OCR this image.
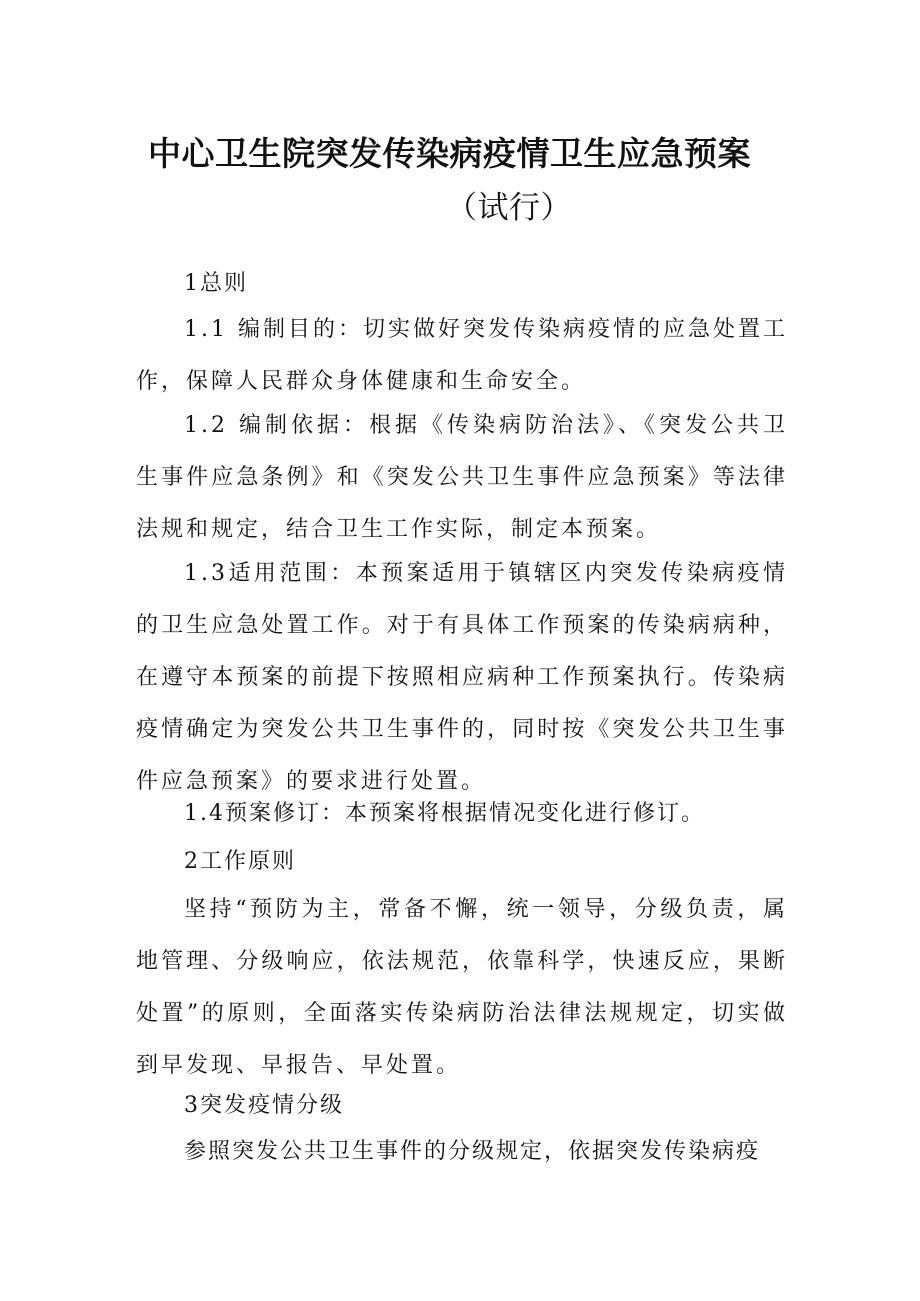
中心卫生院突发传染病疫情卫生应急预案
（试行）

1总则

1.1 编制目的：切实做好突发传染病疫情的应急处置工作，保障人民群众身体健康和生命安全。

1.2 编制依据：根据《传染病防治法》、《突发公共卫生事件应急条例》和《突发公共卫生事件应急预案》等法律法规和规定，结合卫生工作实际，制定本预案。

1.3适用范围：本预案适用于镇辖区内突发传染病疫情的卫生应急处置工作。对于有具体工作预案的传染病病种，在遵守本预案的前提下按照相应病种工作预案执行。传染病疫情确定为突发公共卫生事件的，同时按《突发公共卫生事件应急预案》的要求进行处置。

1.4预案修订：本预案将根据情况变化进行修订。

2工作原则

坚持“预防为主，常备不懈，统一领导，分级负责，属地管理、分级响应，依法规范，依靠科学，快速反应，果断处置”的原则，全面落实传染病防治法律法规规定，切实做到早发现、早报告、早处置。

3突发疫情分级

参照突发公共卫生事件的分级规定，依据突发传染病疫
